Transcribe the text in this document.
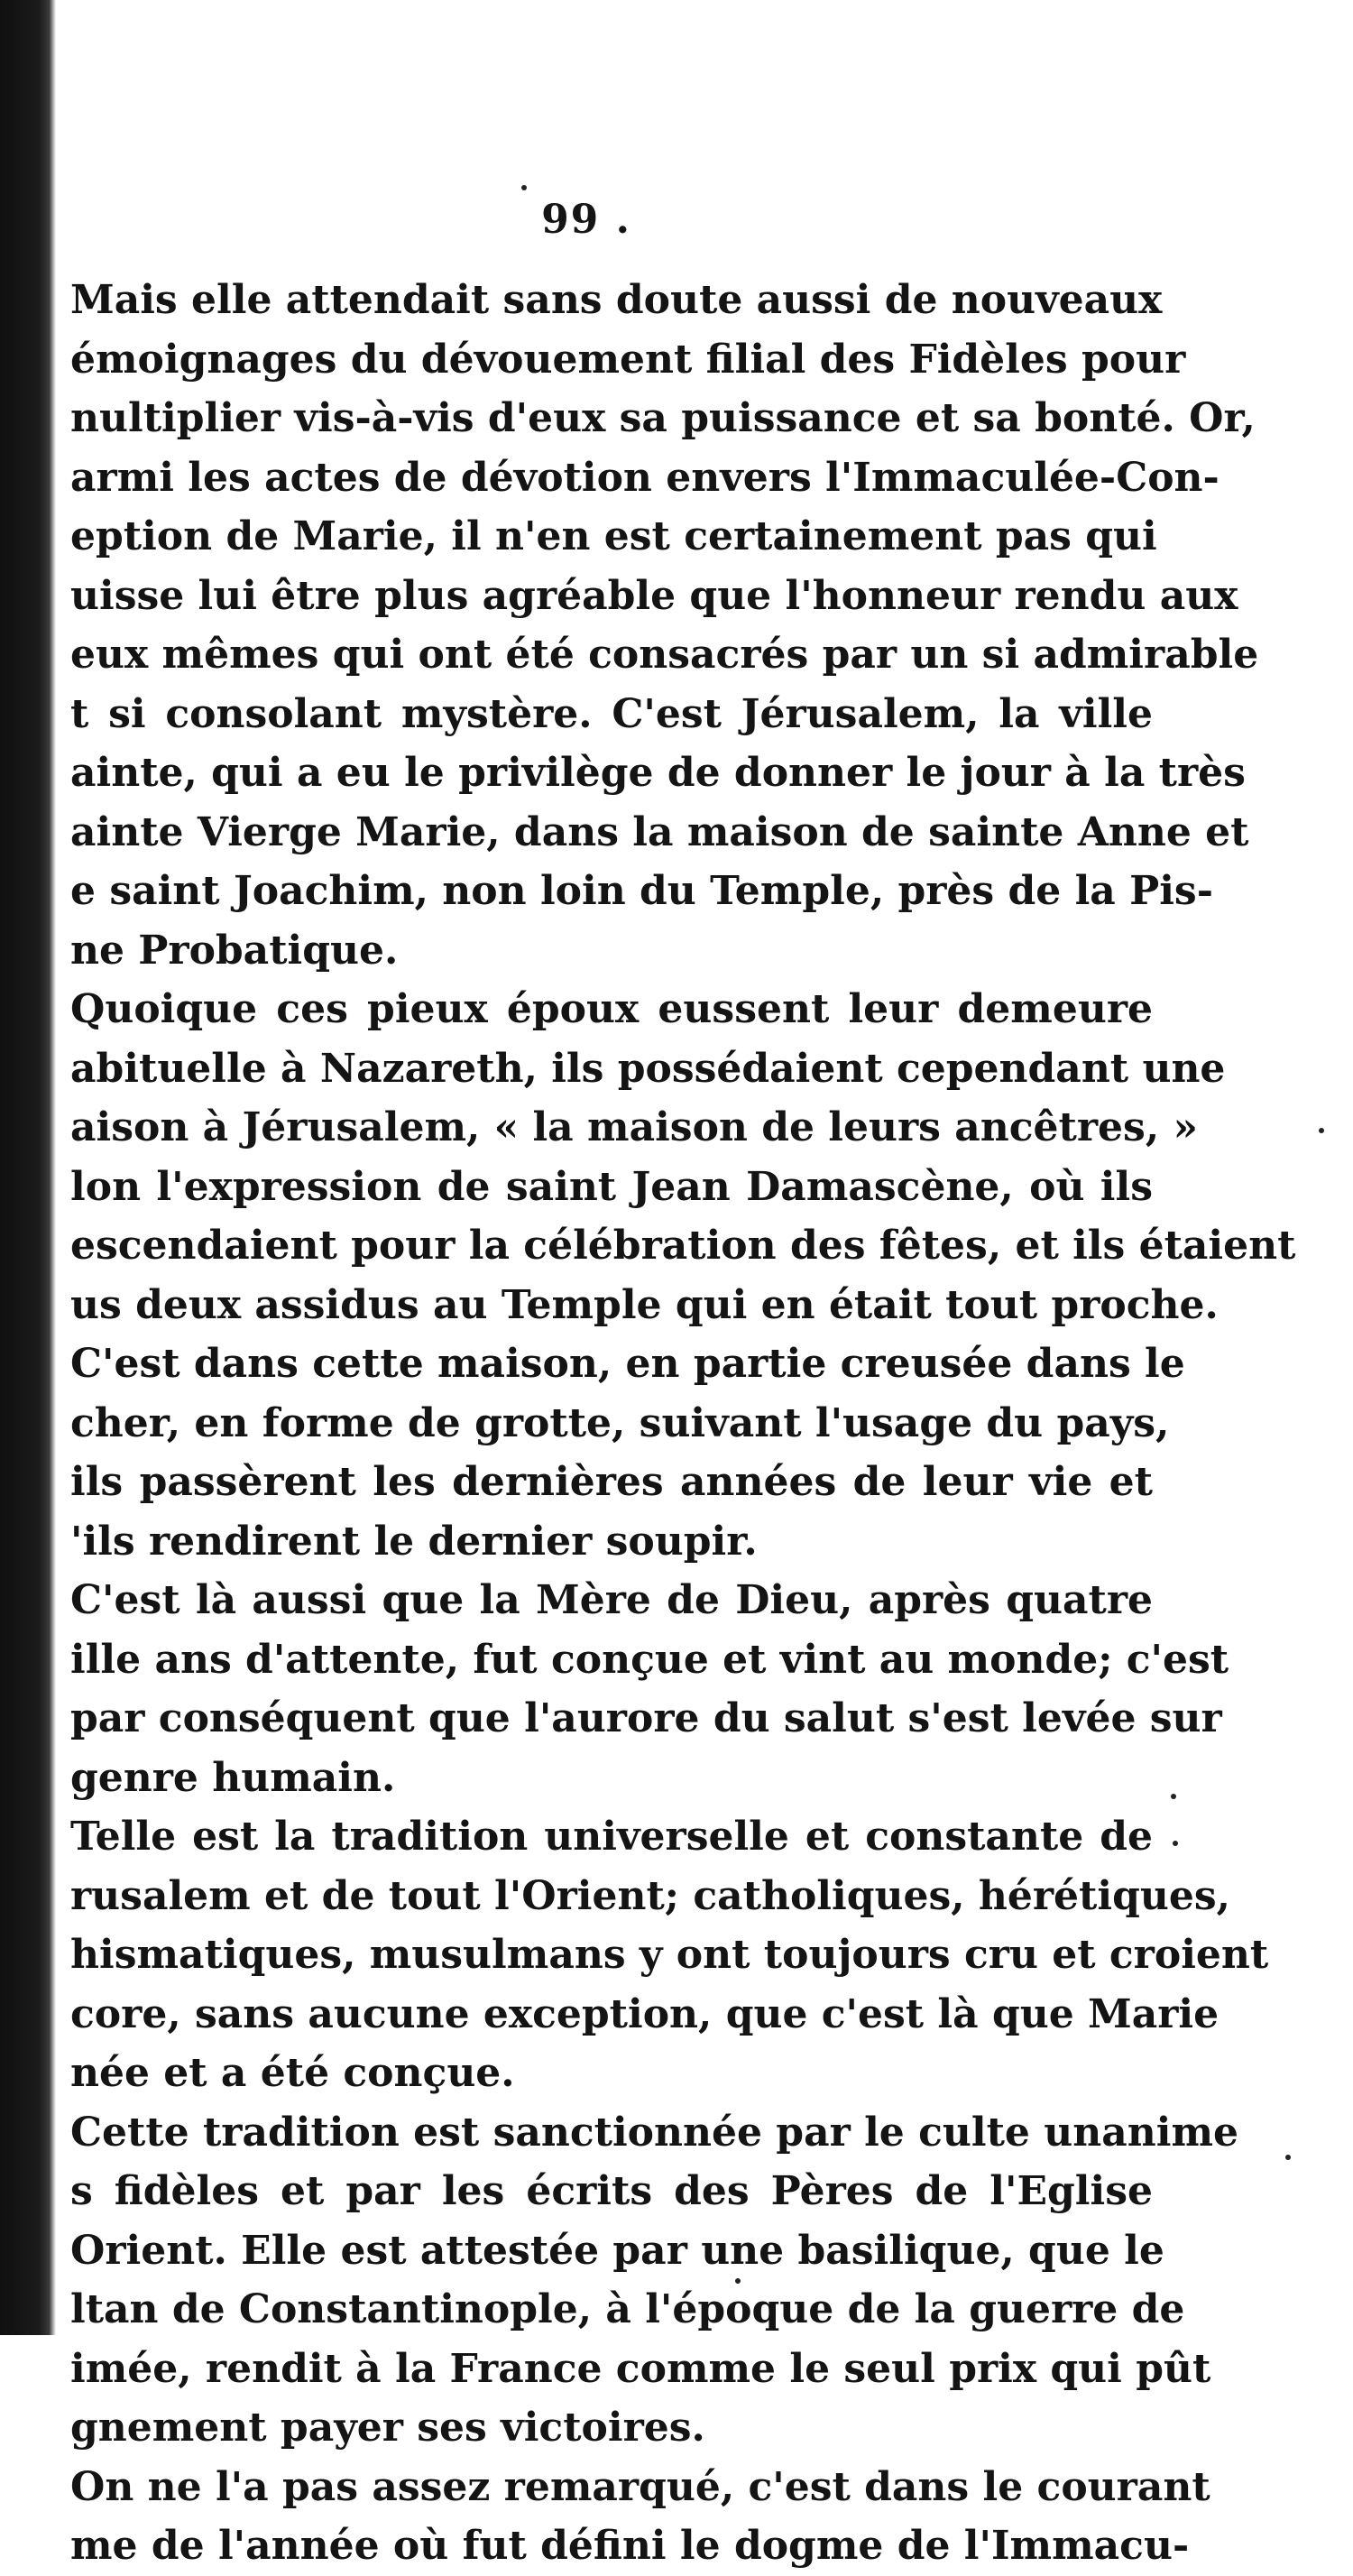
99 .
Mais elle attendait sans doute aussi de nouveaux
émoignages du dévouement filial des Fidèles pour
nultiplier vis-à-vis d'eux sa puissance et sa bonté. Or,
armi les actes de dévotion envers l'Immaculée-Con-
eption de Marie, il n'en est certainement pas qui
uisse lui être plus agréable que l'honneur rendu aux
eux mêmes qui ont été consacrés par un si admirable
t si consolant mystère. C'est Jérusalem, la ville
ainte, qui a eu le privilège de donner le jour à la très
ainte Vierge Marie, dans la maison de sainte Anne et
e saint Joachim, non loin du Temple, près de la Pis-
ne Probatique.
Quoique ces pieux époux eussent leur demeure
abituelle à Nazareth, ils possédaient cependant une
aison à Jérusalem, « la maison de leurs ancêtres, »
lon l'expression de saint Jean Damascène, où ils
escendaient pour la célébration des fêtes, et ils étaient
us deux assidus au Temple qui en était tout proche.
C'est dans cette maison, en partie creusée dans le
cher, en forme de grotte, suivant l'usage du pays,
ils passèrent les dernières années de leur vie et
'ils rendirent le dernier soupir.
C'est là aussi que la Mère de Dieu, après quatre
ille ans d'attente, fut conçue et vint au monde; c'est
par conséquent que l'aurore du salut s'est levée sur
genre humain.
Telle est la tradition universelle et constante de
rusalem et de tout l'Orient; catholiques, hérétiques,
hismatiques, musulmans y ont toujours cru et croient
core, sans aucune exception, que c'est là que Marie
née et a été conçue.
Cette tradition est sanctionnée par le culte unanime
s fidèles et par les écrits des Pères de l'Eglise
Orient. Elle est attestée par une basilique, que le
ltan de Constantinople, à l'époque de la guerre de
imée, rendit à la France comme le seul prix qui pût
gnement payer ses victoires.
On ne l'a pas assez remarqué, c'est dans le courant
me de l'année où fut défini le dogme de l'Immacu-
